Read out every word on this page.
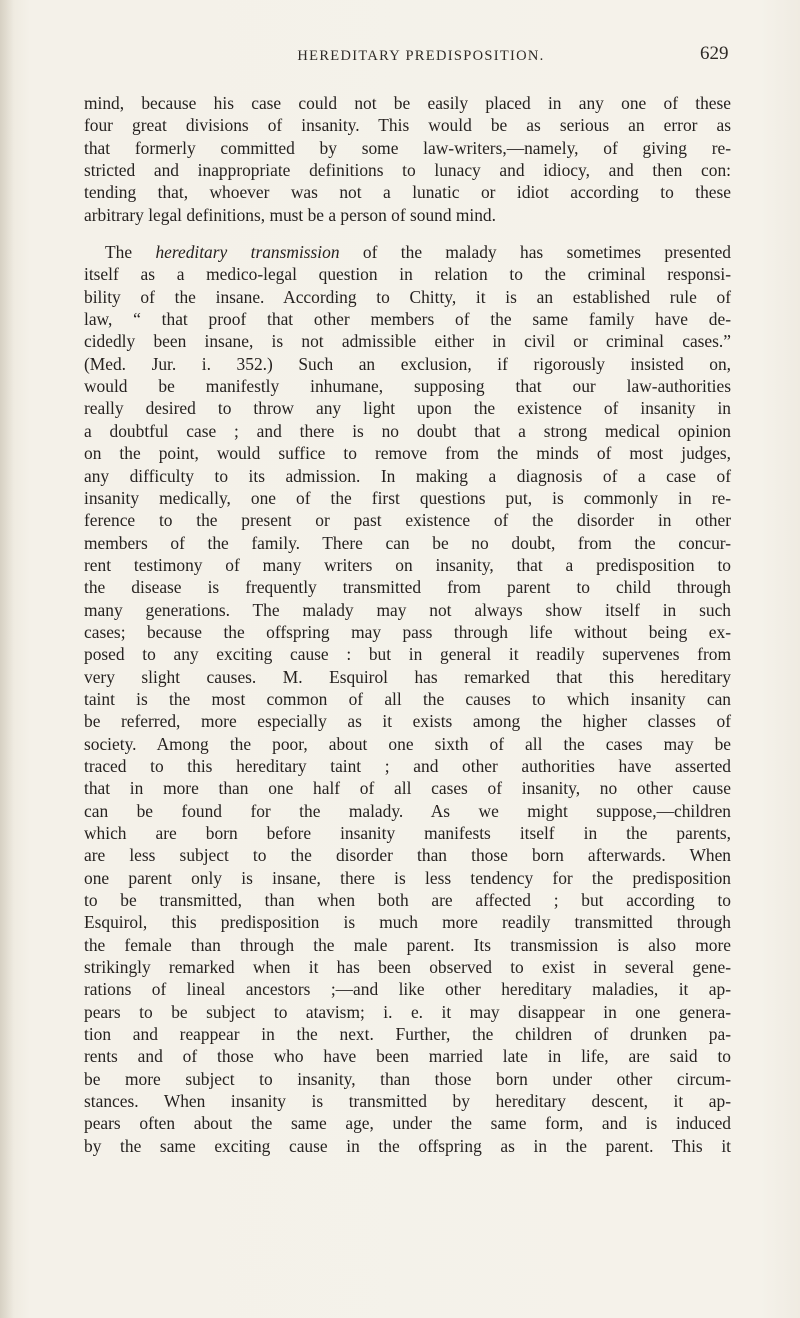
HEREDITARY PREDISPOSITION.	629
mind, because his case could not be easily placed in any one of these
four great divisions of insanity. This would be as serious an error as
that formerly committed by some law-writers,—namely, of giving re-
stricted and inappropriate definitions to lunacy and idiocy, and then con:
tending that, whoever was not a lunatic or idiot according to these
arbitrary legal definitions, must be a person of sound mind.
The hereditary transmission of the malady has sometimes presented
itself as a medico-legal question in relation to the criminal responsi-
bility of the insane. According to Chitty, it is an established rule of
law, “ that proof that other members of the same family have de-
cidedly been insane, is not admissible either in civil or criminal cases.”
(Med. Jur. i. 352.) Such an exclusion, if rigorously insisted on,
would be manifestly inhumane, supposing that our law-authorities
really desired to throw any light upon the existence of insanity in
a doubtful case ; and there is no doubt that a strong medical opinion
on the point, would suffice to remove from the minds of most judges,
any difficulty to its admission. In making a diagnosis of a case of
insanity medically, one of the first questions put, is commonly in re-
ference to the present or past existence of the disorder in other
members of the family. There can be no doubt, from the concur-
rent testimony of many writers on insanity, that a predisposition to
the disease is frequently transmitted from parent to child through
many generations. The malady may not always show itself in such
cases; because the offspring may pass through life without being ex-
posed to any exciting cause : but in general it readily supervenes from
very slight causes. M. Esquirol has remarked that this hereditary
taint is the most common of all the causes to which insanity can
be referred, more especially as it exists among the higher classes of
society. Among the poor, about one sixth of all the cases may be
traced to this hereditary taint ; and other authorities have asserted
that in more than one half of all cases of insanity, no other cause
can be found for the malady. As we might suppose,—children
which are born before insanity manifests itself in the parents,
are less subject to the disorder than those born afterwards. When
one parent only is insane, there is less tendency for the predisposition
to be transmitted, than when both are affected ; but according to
Esquirol, this predisposition is much more readily transmitted through
the female than through the male parent. Its transmission is also more
strikingly remarked when it has been observed to exist in several gene-
rations of lineal ancestors ;—and like other hereditary maladies, it ap-
pears to be subject to atavism; i. e. it may disappear in one genera-
tion and reappear in the next. Further, the children of drunken pa-
rents and of those who have been married late in life, are said to
be more subject to insanity, than those born under other circum-
stances. When insanity is transmitted by hereditary descent, it ap-
pears often about the same age, under the same form, and is induced
by the same exciting cause in the offspring as in the parent. This it
